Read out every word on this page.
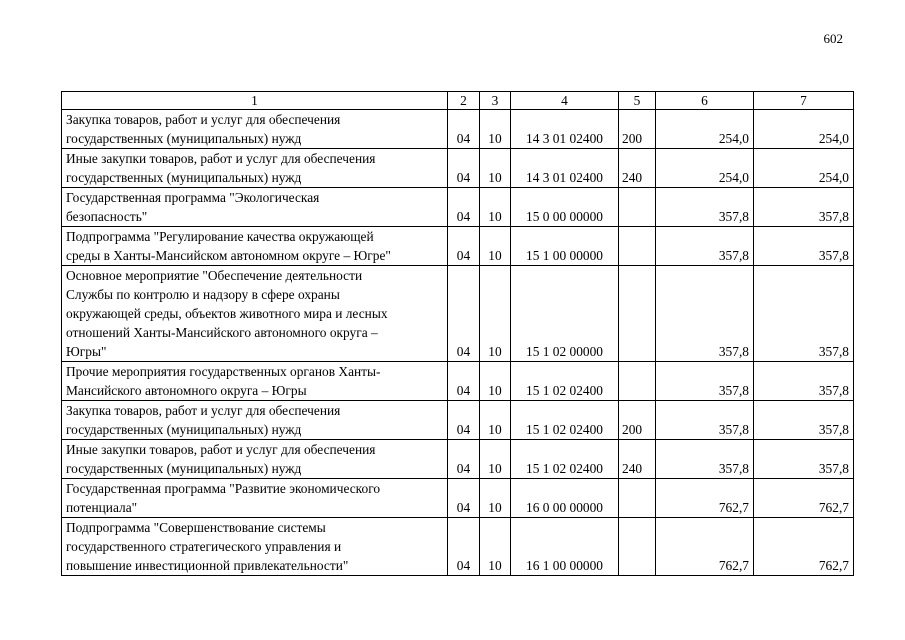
602
1	2	3	4	5	6	7

Закупка товаров, работ и услуг для обеспечения
государственных (муниципальных) нужд	04	10	14 3 01 02400	200	254,0	254,0

Иные закупки товаров, работ и услуг для обеспечения
государственных (муниципальных) нужд	04	10	14 3 01 02400	240	254,0	254,0

Государственная программа "Экологическая
безопасность"	04	10	15 0 00 00000		357,8	357,8

Подпрограмма "Регулирование качества окружающей
среды в Ханты-Мансийском автономном округе – Югре"	04	10	15 1 00 00000		357,8	357,8

Основное мероприятие "Обеспечение деятельности
Службы по контролю и надзору в сфере охраны
окружающей среды, объектов животного мира и лесных
отношений Ханты-Мансийского автономного округа –
Югры"	04	10	15 1 02 00000		357,8	357,8

Прочие мероприятия государственных органов Ханты-
Мансийского автономного округа – Югры	04	10	15 1 02 02400		357,8	357,8

Закупка товаров, работ и услуг для обеспечения
государственных (муниципальных) нужд	04	10	15 1 02 02400	200	357,8	357,8

Иные закупки товаров, работ и услуг для обеспечения
государственных (муниципальных) нужд	04	10	15 1 02 02400	240	357,8	357,8

Государственная программа "Развитие экономического
потенциала"	04	10	16 0 00 00000		762,7	762,7

Подпрограмма "Совершенствование системы
государственного стратегического управления и
повышение инвестиционной привлекательности"	04	10	16 1 00 00000		762,7	762,7
